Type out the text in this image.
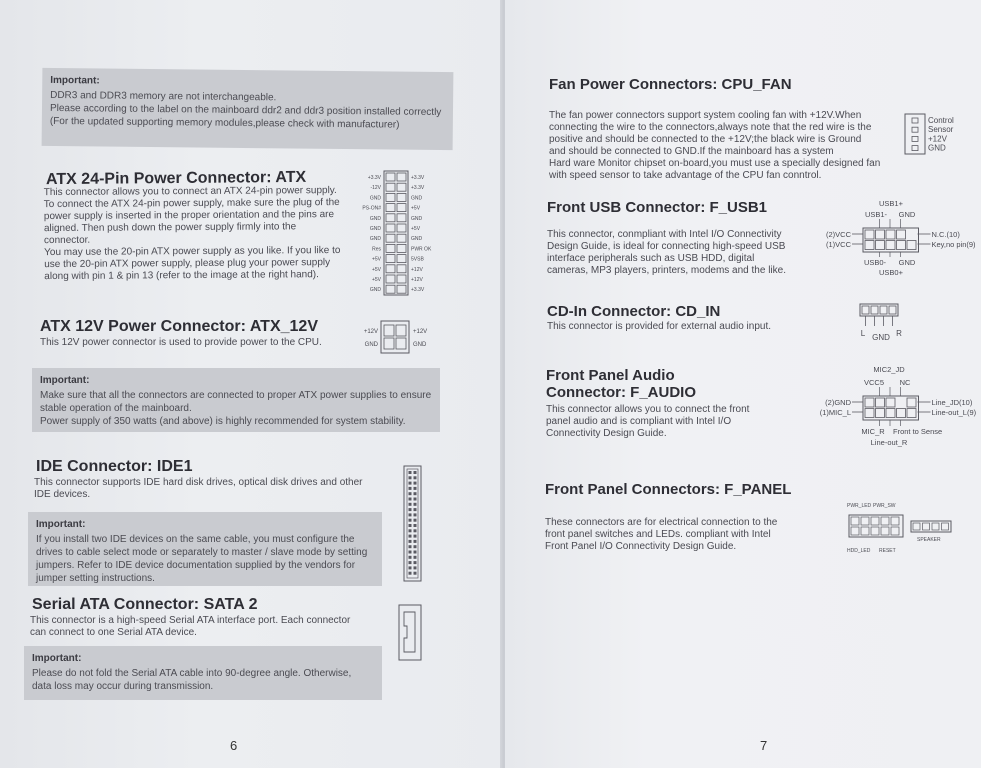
Important:

DDR3 and DDR3 memory are not interchangeable.

Please according to the label on the mainboard ddr2 and ddr3 position installed correctly

(For the updated supporting memory modules,please check with manufacturer)

ATX 24-Pin Power Connector: ATX

This connector allows you to connect an ATX 24-pin power supply.

To connect the ATX 24-pin power supply, make sure the plug of the

power supply is inserted in the proper orientation and the pins are

aligned. Then push down the power supply firmly into the

connector.

You may use the 20-pin ATX power supply as you like. If you like to

use the 20-pin ATX power supply, please plug your power supply

along with pin 1 & pin 13 (refer to the image at the right hand).

+3.3V	+3.3V
-12V	+3.3V
GND	GND
PS-ON#	+5V
GND	GND
GND	+5V
GND	GND
Res	PWR OK
+5V	5VSB
+5V	+12V
+5V	+12V
GND	+3.3V
ATX 12V Power Connector: ATX_12V
This 12V power connector is used to provide power to the CPU.
+12V	+12V
GND	GND
Important:

Make sure that all the connectors are connected to proper ATX power supplies to ensure

stable operation of the mainboard.

Power supply of 350 watts (and above) is highly recommended for system stability.

IDE Connector: IDE1

This connector supports IDE hard disk drives, optical disk drives and other

IDE devices.

Important:

If you install two IDE devices on the same cable, you must configure the

drives to cable select mode or separately to master / slave mode by setting

jumpers. Refer to IDE device documentation supplied by the vendors for

jumper setting instructions.

Serial ATA Connector: SATA 2

This connector is a high-speed Serial ATA interface port. Each connector

can connect to one Serial ATA device.

Important:

Please do not fold the Serial ATA cable into 90-degree angle. Otherwise,

data loss may occur during transmission.

6
Fan Power Connectors: CPU_FAN

The fan power connectors support system cooling fan with +12V.When

connecting the wire to the connectors,always note that the red wire is the

positive and should be connected to the +12V;the black wire is Ground

and should be connected to GND.If the mainboard has a system

Hard ware Monitor chipset on-board,you must use a specially designed fan

with speed sensor to take advantage of the CPU fan conntrol.

Control
Sensor
+12V
GND
Front USB Connector: F_USB1

This connector, conmpliant with Intel I/O Connectivity

Design Guide, is ideal for connecting high-speed USB

interface peripherals such as USB HDD, digital

cameras, MP3 players, printers, modems and the like.

USB1+
USB1- GND
(2)VCC
(1)VCC
N.C.(10)
Key,no pin(9)
USB0- GND
USB0+
CD-In Connector: CD_IN
This connector is provided for external audio input.
L GND R
Front Panel Audio
Connector: F_AUDIO

This connector allows you to connect the front

panel audio and is compliant with Intel I/O

Connectivity Design Guide.

MIC2_JD
VCC5 NC
(2)GND
(1)MIC_L
Line_JD(10)
Line-out_L(9)
MIC_R Front to Sense
Line-out_R
Front Panel Connectors: F_PANEL

These connectors are for electrical connection to the

front panel switches and LEDs. compliant with Intel

Front Panel I/O Connectivity Design Guide.

PWR_LED PWR_SW
SPEAKER
HDD_LED RESET
7
